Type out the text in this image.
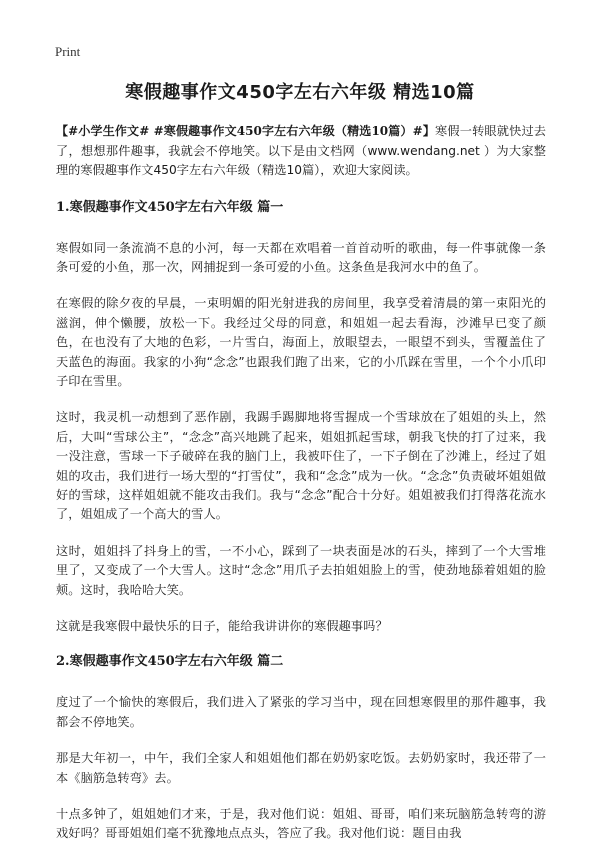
Print
寒假趣事作文450字左右六年级 精选10篇

【#小学生作文# #寒假趣事作文450字左右六年级（精选10篇）#】寒假一转眼就快过去了，想想那件趣事，我就会不停地笑。以下是由文档网（www.wendang.net ）为大家整理的寒假趣事作文450字左右六年级（精选10篇），欢迎大家阅读。

1.寒假趣事作文450字左右六年级 篇一

寒假如同一条流淌不息的小河，每一天都在欢唱着一首首动听的歌曲，每一件事就像一条条可爱的小鱼，那一次，网捕捉到一条可爱的小鱼。这条鱼是我河水中的鱼了。

在寒假的除夕夜的早晨，一束明媚的阳光射进我的房间里，我享受着清晨的第一束阳光的滋润，伸个懒腰，放松一下。我经过父母的同意，和姐姐一起去看海，沙滩早已变了颜色，在也没有了大地的色彩，一片雪白，海面上，放眼望去，一眼望不到头，雪覆盖住了天蓝色的海面。我家的小狗“念念”也跟我们跑了出来，它的小爪踩在雪里，一个个小爪印子印在雪里。

这时，我灵机一动想到了恶作剧，我踢手踢脚地将雪握成一个雪球放在了姐姐的头上，然后，大叫“雪球公主”，“念念”高兴地跳了起来，姐姐抓起雪球，朝我飞快的打了过来，我一没注意，雪球一下子破碎在我的脑门上，我被吓住了，一下子倒在了沙滩上，经过了姐姐的攻击，我们进行一场大型的“打雪仗”，我和“念念”成为一伙。“念念”负责破坏姐姐做好的雪球，这样姐姐就不能攻击我们。我与“念念”配合十分好。姐姐被我们打得落花流水了，姐姐成了一个高大的雪人。

这时，姐姐抖了抖身上的雪，一不小心，踩到了一块表面是冰的石头，摔到了一个大雪堆里了，又变成了一个大雪人。这时“念念”用爪子去拍姐姐脸上的雪，使劲地舔着姐姐的脸颊。这时，我哈哈大笑。

这就是我寒假中最快乐的日子，能给我讲讲你的寒假趣事吗？

2.寒假趣事作文450字左右六年级 篇二

度过了一个愉快的寒假后，我们进入了紧张的学习当中，现在回想寒假里的那件趣事，我都会不停地笑。

那是大年初一，中午，我们全家人和姐姐他们都在奶奶家吃饭。去奶奶家时，我还带了一本《脑筋急转弯》去。

十点多钟了，姐姐她们才来，于是，我对他们说：姐姐、哥哥，咱们来玩脑筋急转弯的游戏好吗？哥哥姐姐们毫不犹豫地点点头，答应了我。我对他们说：题目由我
